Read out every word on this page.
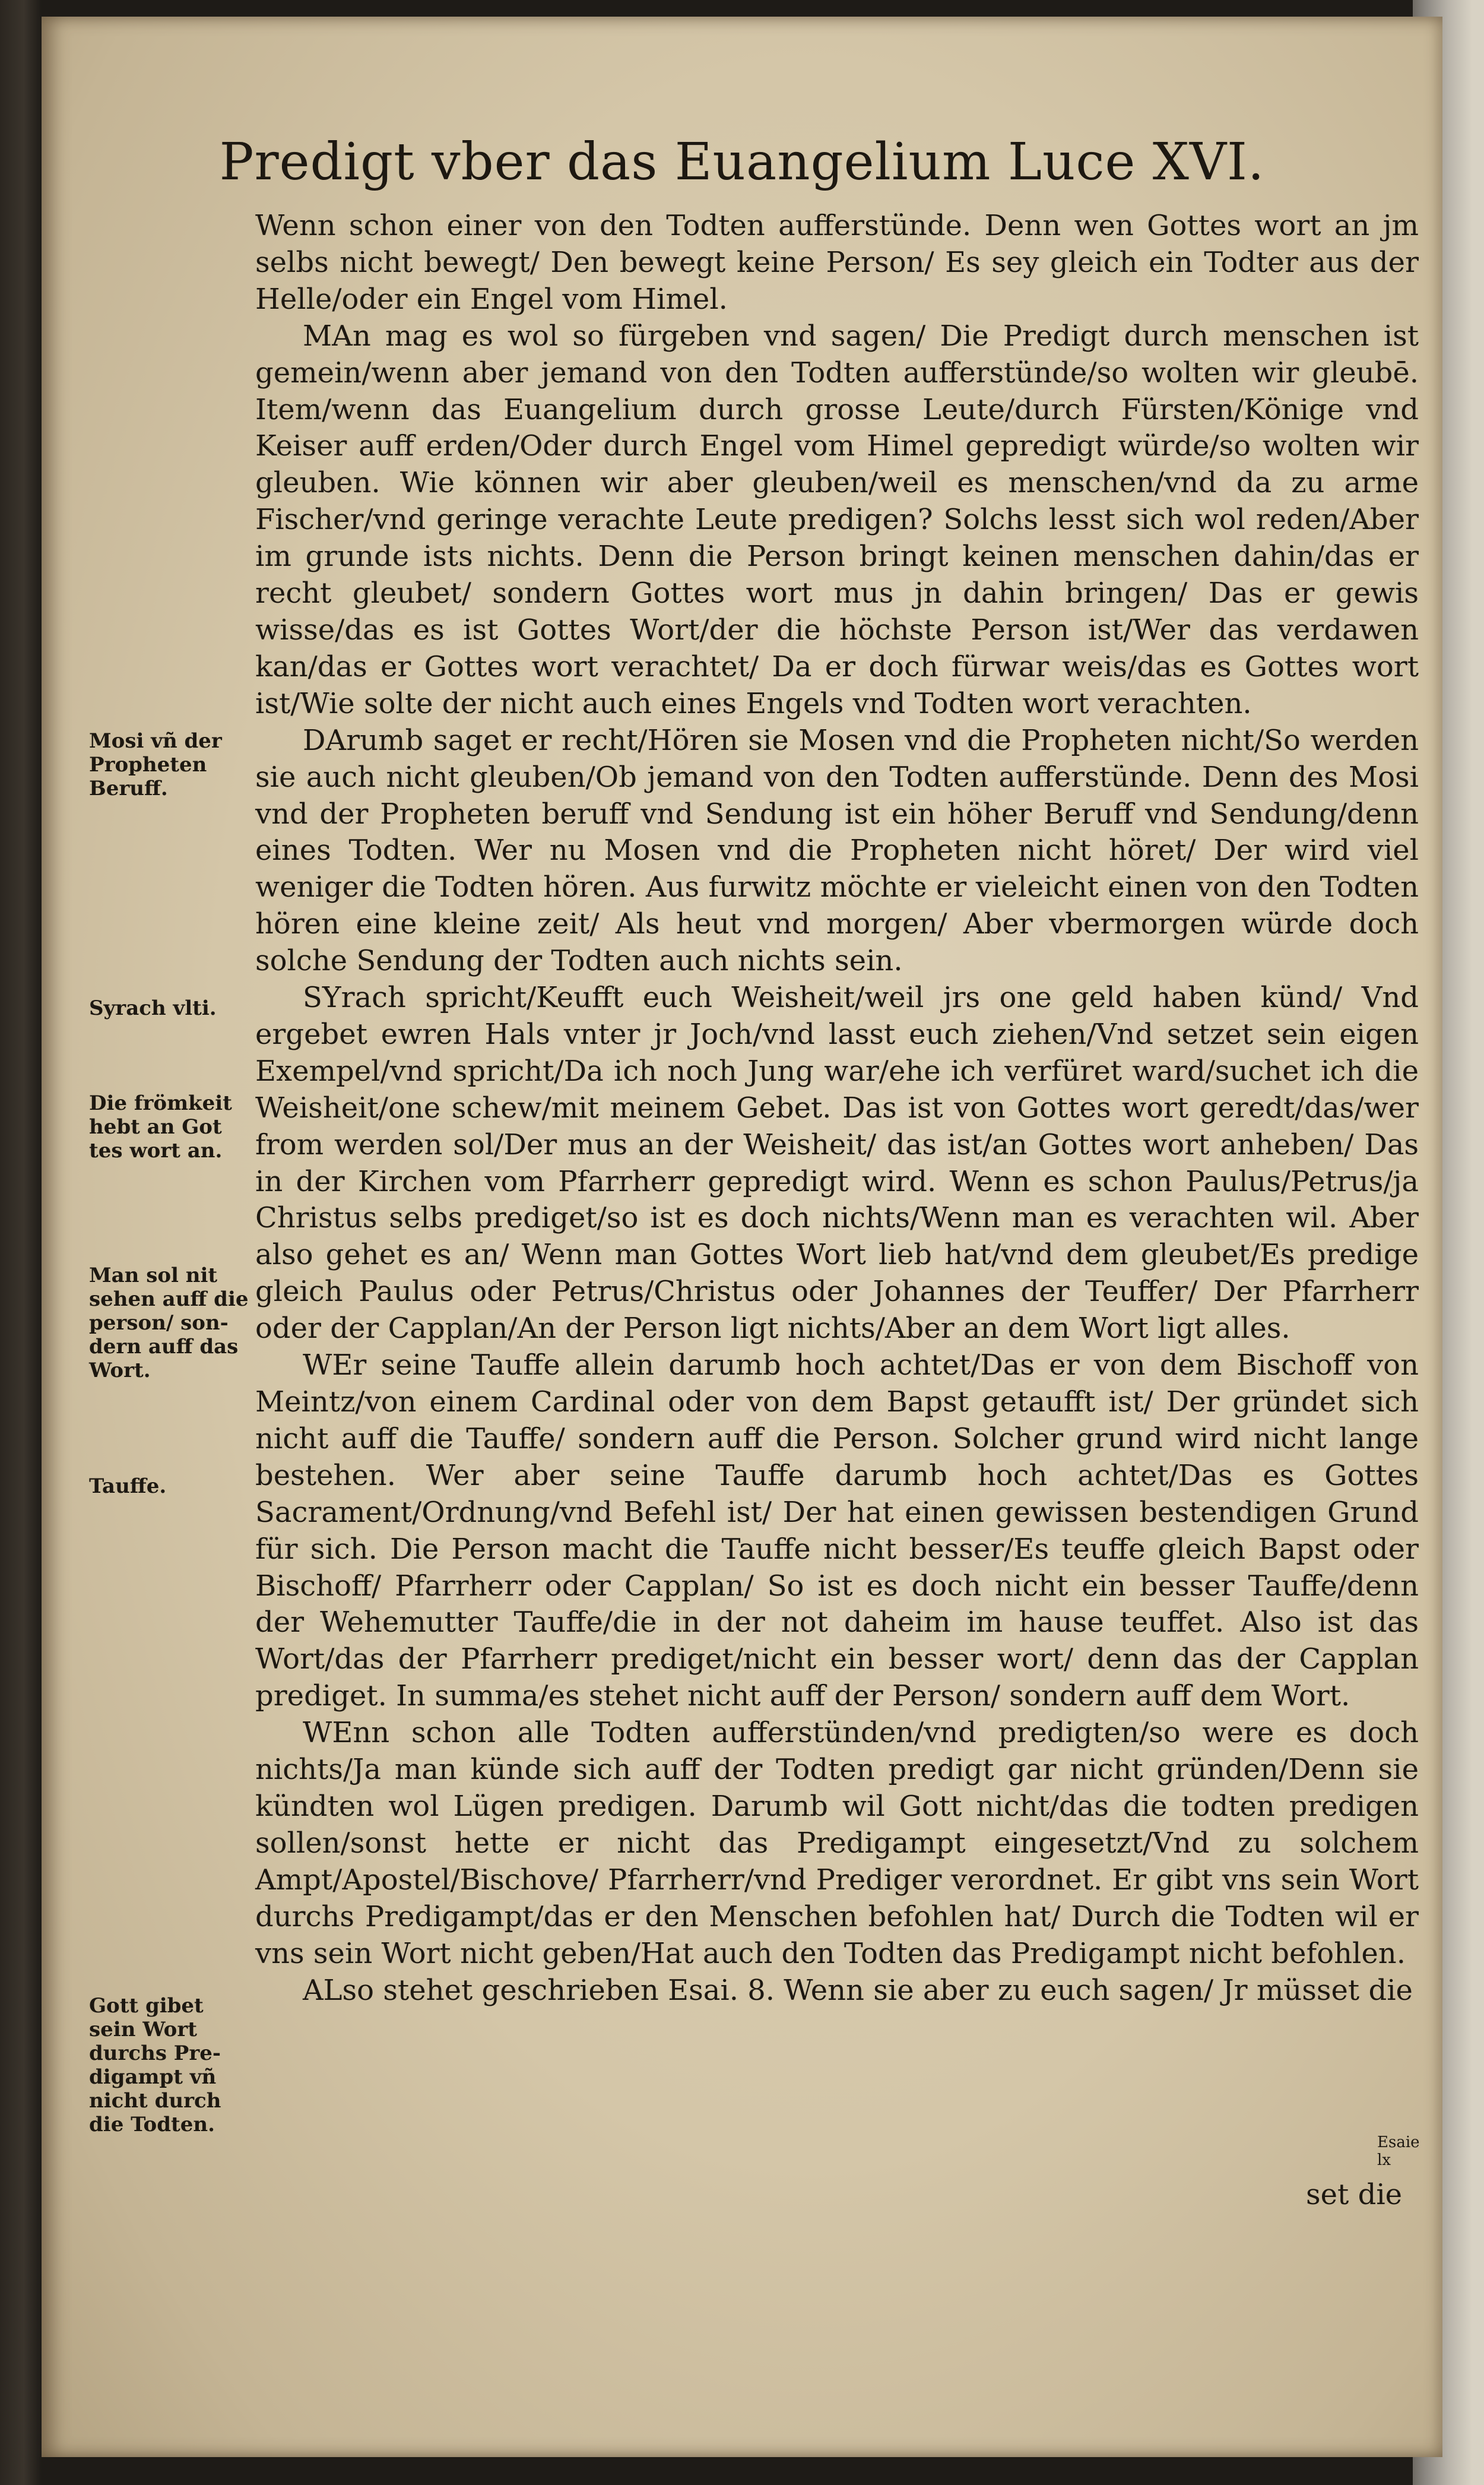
Predigt vber das Euangelium Luce XVI.
Mosi vñ der
Propheten
Beruff.
Syrach vlti.
Die frömkeit
hebt an Got
tes wort an.
Man sol nit
sehen auff die
person/ son-
dern auff das
Wort.
Tauffe.
Gott gibet
sein Wort
durchs Pre-
digampt vñ
nicht durch
die Todten.
Esaie lx

Wenn schon einer von den Todten aufferstünde. Denn wen Gottes wort an jm selbs nicht bewegt/ Den bewegt keine Person/ Es sey gleich ein Todter aus der Helle/oder ein Engel vom Himel.

MAn mag es wol so fürgeben vnd sagen/ Die Predigt durch menschen ist gemein/wenn aber jemand von den Todten aufferstünde/so wolten wir gleubē. Item/wenn das Euangelium durch grosse Leute/durch Fürsten/Könige vnd Keiser auff erden/Oder durch Engel vom Himel gepredigt würde/so wolten wir gleuben. Wie können wir aber gleuben/weil es menschen/vnd da zu arme Fischer/vnd geringe verachte Leute predigen? Solchs lesst sich wol reden/Aber im grunde ists nichts. Denn die Person bringt keinen menschen dahin/das er recht gleubet/ sondern Gottes wort mus jn dahin bringen/ Das er gewis wisse/das es ist Gottes Wort/der die höchste Person ist/Wer das verdawen kan/das er Gottes wort verachtet/ Da er doch fürwar weis/das es Gottes wort ist/Wie solte der nicht auch eines Engels vnd Todten wort verachten.

DArumb saget er recht/Hören sie Mosen vnd die Propheten nicht/So werden sie auch nicht gleuben/Ob jemand von den Todten aufferstünde. Denn des Mosi vnd der Propheten beruff vnd Sendung ist ein höher Beruff vnd Sendung/denn eines Todten. Wer nu Mosen vnd die Propheten nicht höret/ Der wird viel weniger die Todten hören. Aus furwitz möchte er vieleicht einen von den Todten hören eine kleine zeit/ Als heut vnd morgen/ Aber vbermorgen würde doch solche Sendung der Todten auch nichts sein.

SYrach spricht/Keufft euch Weisheit/weil jrs one geld haben künd/ Vnd ergebet ewren Hals vnter jr Joch/vnd lasst euch ziehen/Vnd setzet sein eigen Exempel/vnd spricht/Da ich noch Jung war/ehe ich verfüret ward/suchet ich die Weisheit/one schew/mit meinem Gebet. Das ist von Gottes wort geredt/das/wer from werden sol/Der mus an der Weisheit/ das ist/an Gottes wort anheben/ Das in der Kirchen vom Pfarrherr gepredigt wird. Wenn es schon Paulus/Petrus/ja Christus selbs prediget/so ist es doch nichts/Wenn man es verachten wil. Aber also gehet es an/ Wenn man Gottes Wort lieb hat/vnd dem gleubet/Es predige gleich Paulus oder Petrus/Christus oder Johannes der Teuffer/ Der Pfarrherr oder der Capplan/An der Person ligt nichts/Aber an dem Wort ligt alles.

WEr seine Tauffe allein darumb hoch achtet/Das er von dem Bischoff von Meintz/von einem Cardinal oder von dem Bapst getaufft ist/ Der gründet sich nicht auff die Tauffe/ sondern auff die Person. Solcher grund wird nicht lange bestehen. Wer aber seine Tauffe darumb hoch achtet/Das es Gottes Sacrament/Ordnung/vnd Befehl ist/ Der hat einen gewissen bestendigen Grund für sich. Die Person macht die Tauffe nicht besser/Es teuffe gleich Bapst oder Bischoff/ Pfarrherr oder Capplan/ So ist es doch nicht ein besser Tauffe/denn der Wehemutter Tauffe/die in der not daheim im hause teuffet. Also ist das Wort/das der Pfarrherr prediget/nicht ein besser wort/ denn das der Capplan prediget. In summa/es stehet nicht auff der Person/ sondern auff dem Wort.

WEnn schon alle Todten aufferstünden/vnd predigten/so were es doch nichts/Ja man künde sich auff der Todten predigt gar nicht gründen/Denn sie kündten wol Lügen predigen. Darumb wil Gott nicht/das die todten predigen sollen/sonst hette er nicht das Predigampt eingesetzt/Vnd zu solchem Ampt/Apostel/Bischove/ Pfarrherr/vnd Prediger verordnet. Er gibt vns sein Wort durchs Predigampt/das er den Menschen befohlen hat/ Durch die Todten wil er vns sein Wort nicht geben/Hat auch den Todten das Predigampt nicht befohlen.

ALso stehet geschrieben Esai. 8. Wenn sie aber zu euch sagen/ Jr müsset die

set die
